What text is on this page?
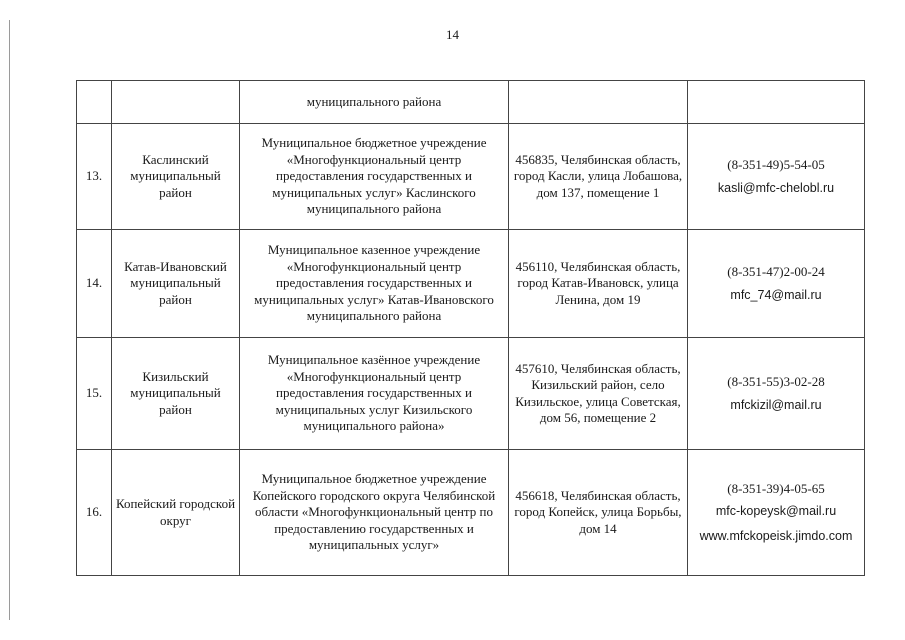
14
		муниципального района		
13.	Каслинский муниципальный район	Муниципальное бюджетное учреждение «Многофункциональный центр предоставления государственных и муниципальных услуг» Каслинского муниципального района	456835, Челябинская область, город Касли, улица Лобашова, дом 137, помещение 1	(8-351-49)5-54-05
kasli@mfc-chelobl.ru

14.	Катав-Ивановский муниципальный район	Муниципальное казенное учреждение «Многофункциональный центр предоставления государственных и муниципальных услуг» Катав-Ивановского муниципального района	456110, Челябинская область, город Катав-Ивановск, улица Ленина, дом 19	(8-351-47)2-00-24
mfc_74@mail.ru

15.	Кизильский муниципальный район	Муниципальное казённое учреждение «Многофункциональный центр предоставления государственных и муниципальных услуг Кизильского муниципального района»	457610, Челябинская область, Кизильский район, село Кизильское, улица Советская, дом 56, помещение 2	(8-351-55)3-02-28
mfckizil@mail.ru

16.	Копейский городской округ	Муниципальное бюджетное учреждение Копейского городского округа Челябинской области «Многофункциональный центр по предоставлению государственных и муниципальных услуг»	456618, Челябинская область, город Копейск, улица Борьбы, дом 14	(8-351-39)4-05-65
mfc-kopeysk@mail.ru
www.mfckopeisk.jimdo.com
